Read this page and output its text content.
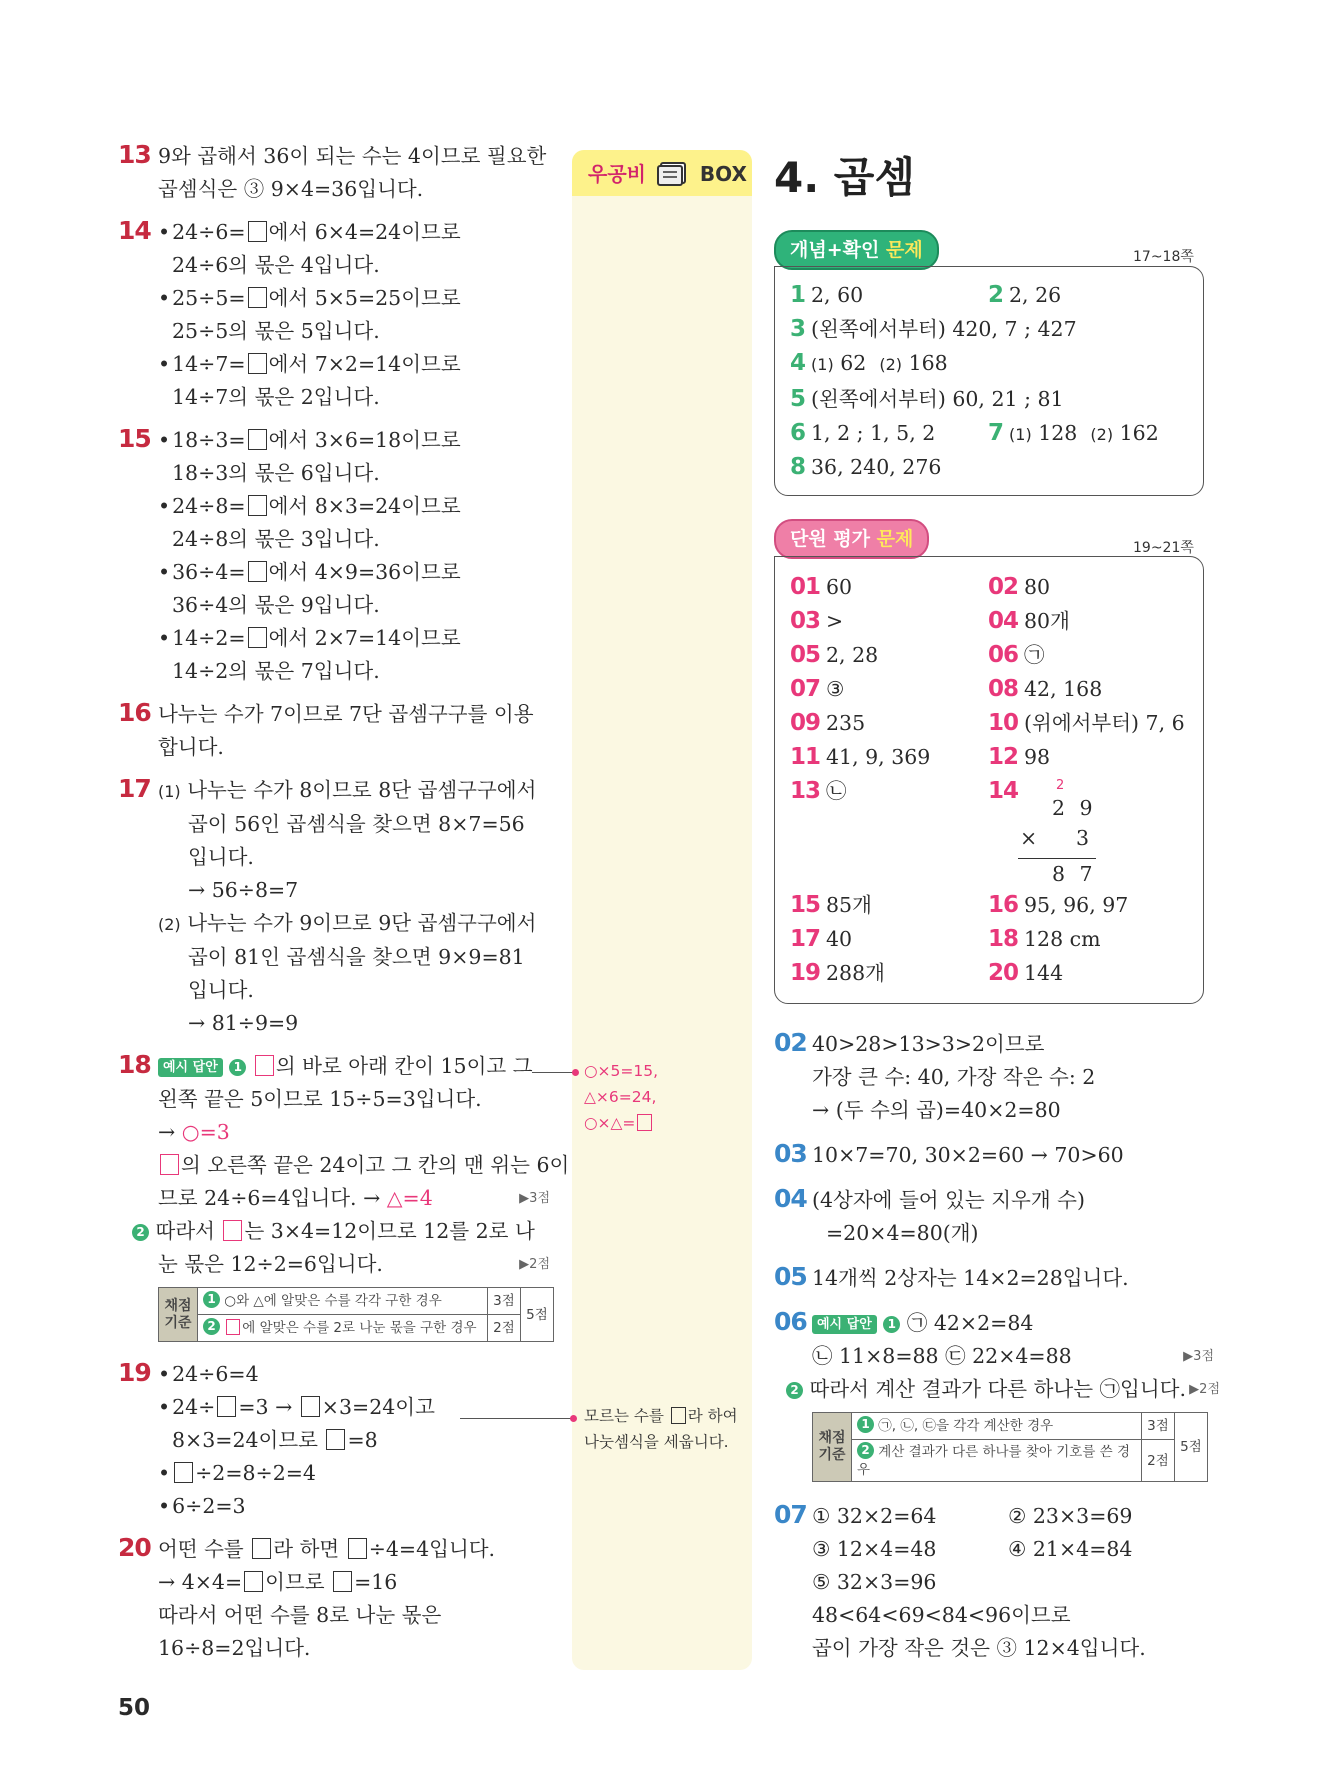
13 9와 곱해서 36이 되는 수는 4이므로 필요한
곱셈식은 ③ 9×4=36입니다.
14	• 24÷6= 에서 6×4=24이므로
24÷6의 몫은 4입니다.
• 25÷5= 에서 5×5=25이므로
25÷5의 몫은 5입니다.
• 14÷7= 에서 7×2=14이므로
14÷7의 몫은 2입니다.
15	• 18÷3= 에서 3×6=18이므로
18÷3의 몫은 6입니다.
• 24÷8= 에서 8×3=24이므로
24÷8의 몫은 3입니다.
• 36÷4= 에서 4×9=36이므로
36÷4의 몫은 9입니다.
• 14÷2= 에서 2×7=14이므로
14÷2의 몫은 7입니다.
16 나누는 수가 7이므로 7단 곱셈구구를 이용
합니다.
17 (1) 나누는 수가 8이므로 8단 곱셈구구에서
곱이 56인 곱셈식을 찾으면 8×7=56
입니다.
→ 56÷8=7
(2) 나누는 수가 9이므로 9단 곱셈구구에서
곱이 81인 곱셈식을 찾으면 9×9=81
입니다.
→ 81÷9=9
18 예시 답안 1 의 바로 아래 칸이 15이고 그
왼쪽 끝은 5이므로 15÷5=3입니다.
→ ○=3
의 오른쪽 끝은 24이고 그 칸의 맨 위는 6이
므로 24÷6=4입니다. → △=4	▶3점
2 따라서 는 3×4=12이므로 12를 2로 나
눈 몫은 12÷2=6입니다.	▶2점
채점 기준	1 ○와 △에 알맞은 수를 각각 구한 경우	3점	5점
	2 에 알맞은 수를 2로 나눈 몫을 구한 경우	2점	
19	• 24÷6=4
• 24÷ =3 → ×3=24이고
8×3=24이므로 =8
• ÷2=8÷2=4
• 6÷2=3
20 어떤 수를 라 하면 ÷4=4입니다.
→ 4×4= 이므로 =16
따라서 어떤 수를 8로 나눈 몫은
16÷8=2입니다.
우공비	BOX
○×5=15,
△×6=24,
○×△=
모르는 수를 라 하여
나눗셈식을 세웁니다.
4. 곱셈
개념+확인 문제	17~18쪽
1 2, 60	2 2, 26
3 (왼쪽에서부터) 420, 7 ; 427
4 (1) 62 (2) 168
5 (왼쪽에서부터) 60, 21 ; 81
6 1, 2 ; 1, 5, 2 7 (1) 128 (2) 162
8 36, 240, 276
단원 평가 문제	19~21쪽
01 60	02 80
03 >	04 80개
05 2, 28	06 ㉠
07 ③	08 42, 168
09 235	10 (위에서부터) 7, 6
11 41, 9, 369	12 98
13 ㉡	14
15 85개	16 95, 96, 97
17 40	18 128 cm
19 288개	20 144
2
2 9
× 3
8 7
02 40>28>13>3>2이므로
가장 큰 수: 40, 가장 작은 수: 2
→ (두 수의 곱)=40×2=80
03 10×7=70, 30×2=60 → 70>60
04 (4상자에 들어 있는 지우개 수)
=20×4=80(개)
05 14개씩 2상자는 14×2=28입니다.
06 예시 답안 1 ㉠ 42×2=84
㉡ 11×8=88 ㉢ 22×4=88	▶3점
2 따라서 계산 결과가 다른 하나는 ㉠입니다. ▶2점
채점 기준	1 ㉠, ㉡, ㉢을 각각 계산한 경우	3점	5점
	2 계산 결과가 다른 하나를 찾아 기호를 쓴 경우	2점	
07 ① 32×2=64	② 23×3=69
③ 12×4=48	④ 21×4=84
⑤ 32×3=96
48<64<69<84<96이므로
곱이 가장 작은 것은 ③ 12×4입니다.
50
